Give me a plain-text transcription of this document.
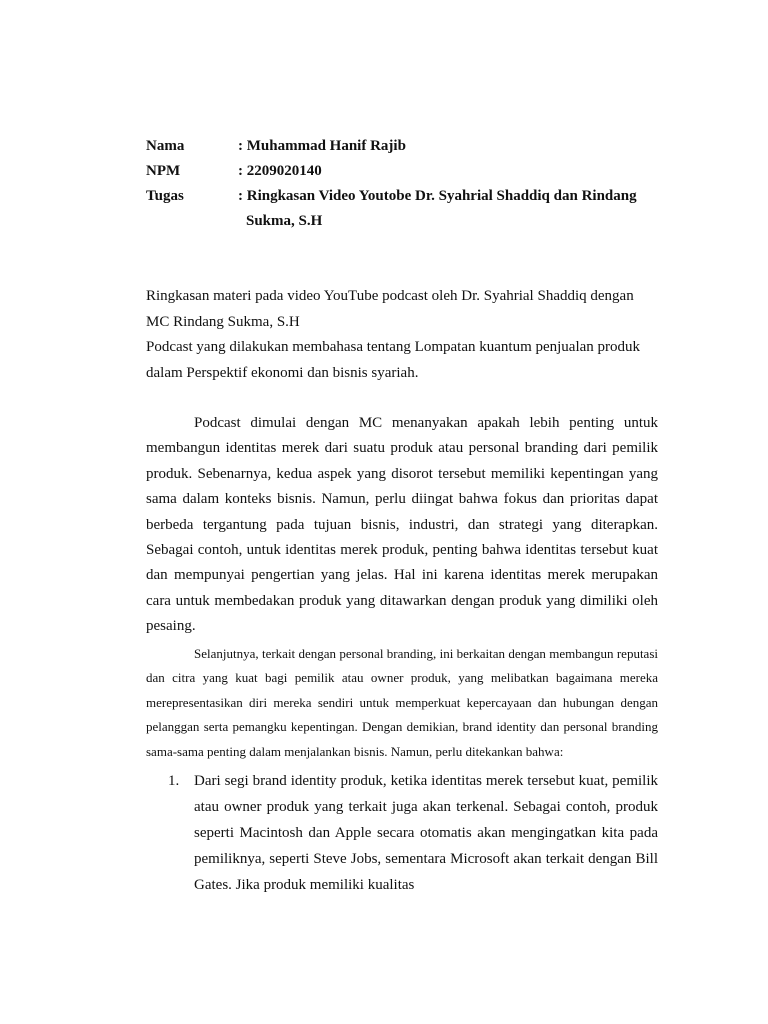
Nama	: Muhammad Hanif Rajib
NPM	: 2209020140
Tugas	: Ringkasan Video Youtobe Dr. Syahrial Shaddiq dan Rindang
Sukma, S.H

Ringkasan materi pada video YouTube podcast oleh Dr. Syahrial Shaddiq dengan MC Rindang Sukma, S.H

Podcast yang dilakukan membahasa tentang Lompatan kuantum penjualan produk dalam Perspektif ekonomi dan bisnis syariah.

Podcast dimulai dengan MC menanyakan apakah lebih penting untuk membangun identitas merek dari suatu produk atau personal branding dari pemilik produk. Sebenarnya, kedua aspek yang disorot tersebut memiliki kepentingan yang sama dalam konteks bisnis. Namun, perlu diingat bahwa fokus dan prioritas dapat berbeda tergantung pada tujuan bisnis, industri, dan strategi yang diterapkan. Sebagai contoh, untuk identitas merek produk, penting bahwa identitas tersebut kuat dan mempunyai pengertian yang jelas. Hal ini karena identitas merek merupakan cara untuk membedakan produk yang ditawarkan dengan produk yang dimiliki oleh pesaing.

Selanjutnya, terkait dengan personal branding, ini berkaitan dengan membangun reputasi dan citra yang kuat bagi pemilik atau owner produk, yang melibatkan bagaimana mereka merepresentasikan diri mereka sendiri untuk memperkuat kepercayaan dan hubungan dengan pelanggan serta pemangku kepentingan. Dengan demikian, brand identity dan personal branding sama-sama penting dalam menjalankan bisnis. Namun, perlu ditekankan bahwa:

1. Dari segi brand identity produk, ketika identitas merek tersebut kuat, pemilik atau owner produk yang terkait juga akan terkenal. Sebagai contoh, produk seperti Macintosh dan Apple secara otomatis akan mengingatkan kita pada pemiliknya, seperti Steve Jobs, sementara Microsoft akan terkait dengan Bill Gates. Jika produk memiliki kualitas
